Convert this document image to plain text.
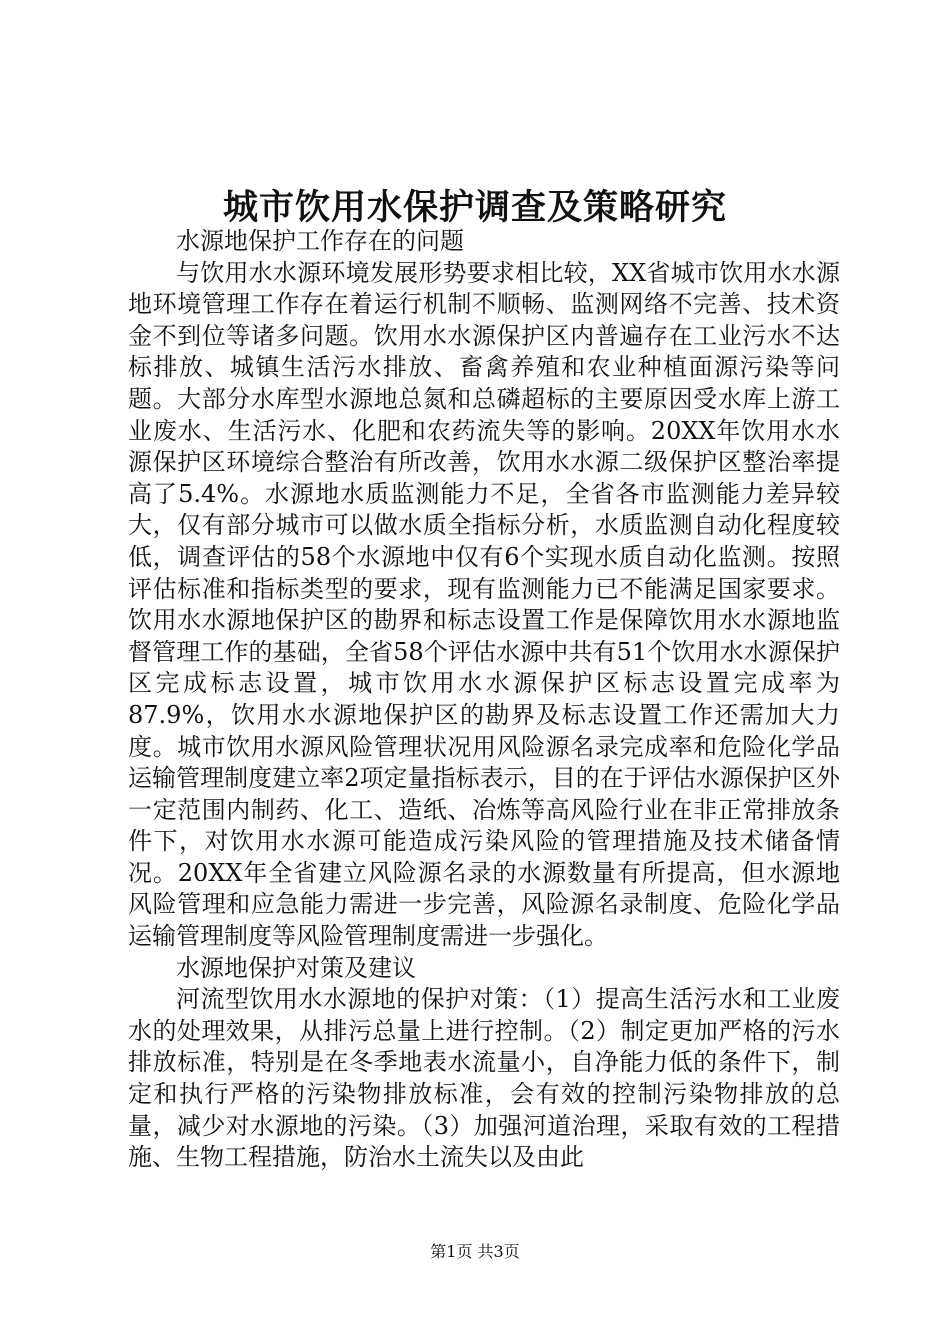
城市饮用水保护调查及策略研究

水源地保护工作存在的问题

与饮用水水源环境发展形势要求相比较，XX省城市饮用水水源地环境管理工作存在着运行机制不顺畅、监测网络不完善、技术资金不到位等诸多问题。饮用水水源保护区内普遍存在工业污水不达标排放、城镇生活污水排放、畜禽养殖和农业种植面源污染等问题。大部分水库型水源地总氮和总磷超标的主要原因受水库上游工业废水、生活污水、化肥和农药流失等的影响。20XX年饮用水水源保护区环境综合整治有所改善，饮用水水源二级保护区整治率提高了5.4%。水源地水质监测能力不足，全省各市监测能力差异较大，仅有部分城市可以做水质全指标分析，水质监测自动化程度较低，调查评估的58个水源地中仅有6个实现水质自动化监测。按照评估标准和指标类型的要求，现有监测能力已不能满足国家要求。饮用水水源地保护区的勘界和标志设置工作是保障饮用水水源地监督管理工作的基础，全省58个评估水源中共有51个饮用水水源保护区完成标志设置，城市饮用水水源保护区标志设置完成率为87.9%，饮用水水源地保护区的勘界及标志设置工作还需加大力度。城市饮用水源风险管理状况用风险源名录完成率和危险化学品运输管理制度建立率2项定量指标表示，目的在于评估水源保护区外一定范围内制药、化工、造纸、冶炼等高风险行业在非正常排放条件下，对饮用水水源可能造成污染风险的管理措施及技术储备情况。20XX年全省建立风险源名录的水源数量有所提高，但水源地风险管理和应急能力需进一步完善，风险源名录制度、危险化学品运输管理制度等风险管理制度需进一步强化。

水源地保护对策及建议

河流型饮用水水源地的保护对策：（1）提高生活污水和工业废水的处理效果，从排污总量上进行控制。（2）制定更加严格的污水排放标准，特别是在冬季地表水流量小，自净能力低的条件下，制定和执行严格的污染物排放标准，会有效的控制污染物排放的总量，减少对水源地的污染。（3）加强河道治理，采取有效的工程措施、生物工程措施，防治水土流失以及由此

第1页 共3页
